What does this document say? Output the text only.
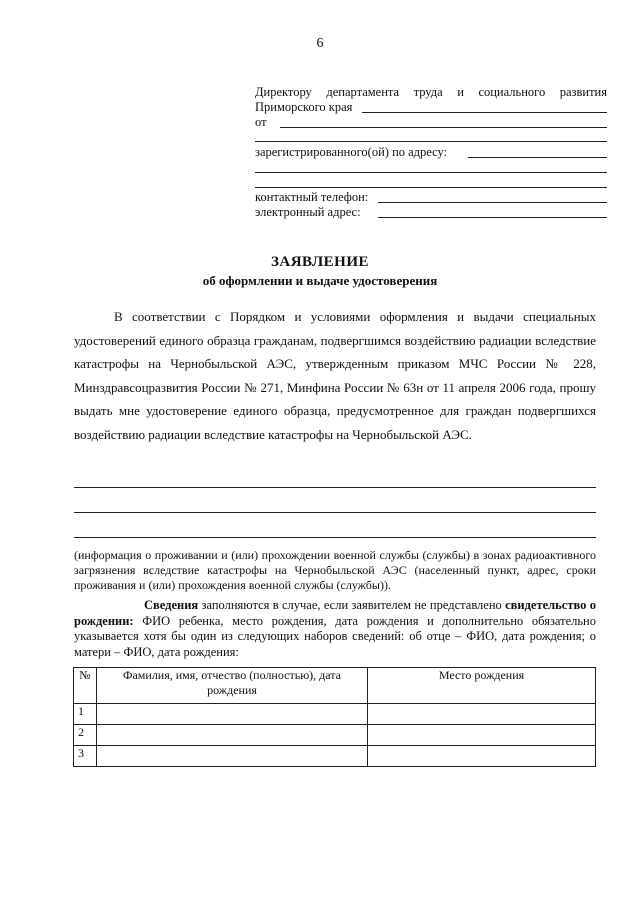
6
Директору департамента труда и социального развития
Приморского края
от
зарегистрированного(ой) по адресу:
контактный телефон:
электронный адрес:
ЗАЯВЛЕНИЕ
об оформлении и выдаче удостоверения

В соответствии с Порядком и условиями оформления и выдачи специальных удостоверений единого образца гражданам, подвергшимся воздействию радиации вследствие катастрофы на Чернобыльской АЭС, утвержденным приказом МЧС России № 228, Минздравсоцразвития России № 271, Минфина России № 63н от 11 апреля 2006 года, прошу выдать мне удостоверение единого образца, предусмотренное для граждан подвергшихся воздействию радиации вследствие катастрофы на Чернобыльской АЭС.

(информация о проживании и (или) прохождении военной службы (службы) в зонах радиоактивного загрязнения вследствие катастрофы на Чернобыльской АЭС (населенный пункт, адрес, сроки проживания и (или) прохождения военной службы (службы)).

Сведения заполняются в случае, если заявителем не представлено свидетельство о рождении: ФИО ребенка, место рождения, дата рождения и дополнительно обязательно указывается хотя бы один из следующих наборов сведений: об отце – ФИО, дата рождения; о матери – ФИО, дата рождения:

№	Фамилия, имя, отчество (полностью), дата рождения	Место рождения
1		
2		
3		
